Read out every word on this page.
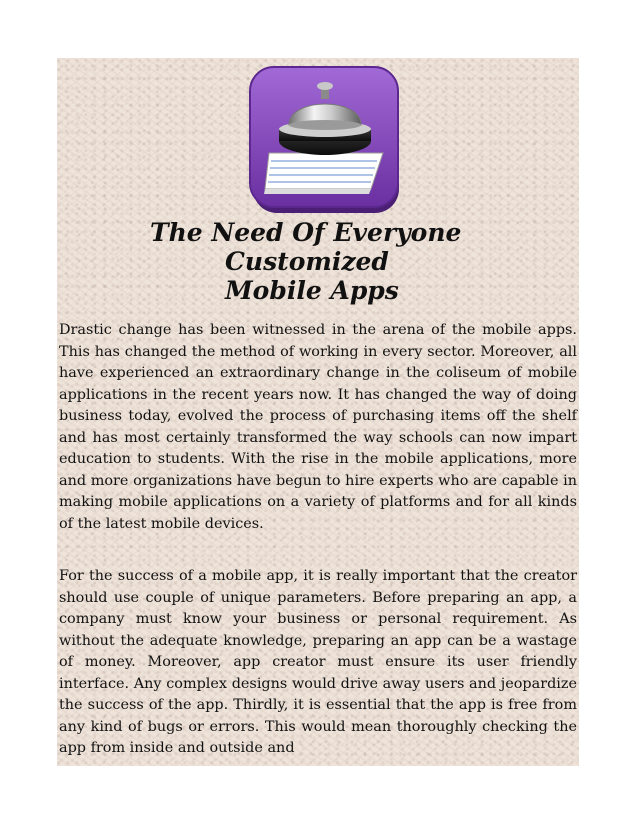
The Need Of Everyone
Customized
Mobile Apps

Drastic change has been witnessed in the arena of the mobile apps. This has changed the method of working in every sector. Moreover, all have experienced an extraordinary change in the coliseum of mobile applications in the recent years now. It has changed the way of doing business today, evolved the process of purchasing items off the shelf and has most certainly transformed the way schools can now impart education to students. With the rise in the mobile applications, more and more organizations have begun to hire experts who are capable in making mobile applications on a variety of platforms and for all kinds of the latest mobile devices.

For the success of a mobile app, it is really important that the creator should use couple of unique parameters. Before preparing an app, a company must know your business or personal requirement. As without the adequate knowledge, preparing an app can be a wastage of money. Moreover, app creator must ensure its user friendly interface. Any complex designs would drive away users and jeopardize the success of the app. Thirdly, it is essential that the app is free from any kind of bugs or errors. This would mean thoroughly checking the app from inside and outside and
